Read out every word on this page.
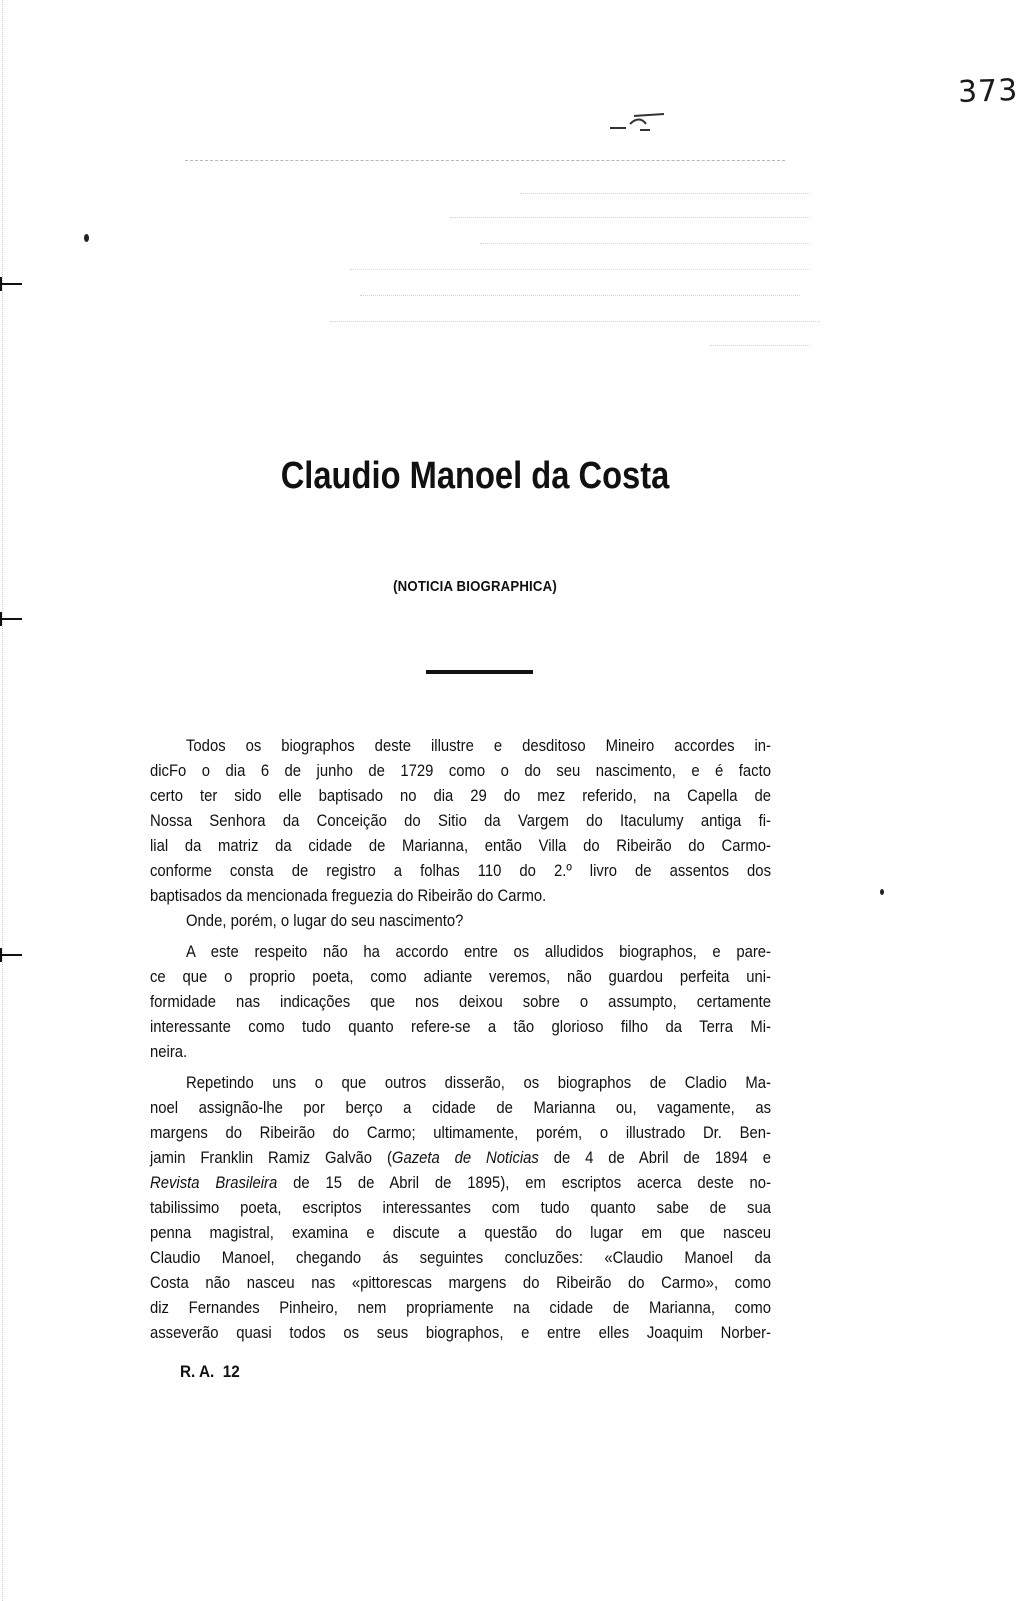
373
Claudio Manoel da Costa
(NOTICIA BIOGRAPHICA)
Todos os biographos deste illustre e desditoso Mineiro accordes in-
dicFo o dia 6 de junho de 1729 como o do seu nascimento, e é facto
certo ter sido elle baptisado no dia 29 do mez referido, na Capella de
Nossa Senhora da Conceição do Sitio da Vargem do Itaculumy antiga fi-
lial da matriz da cidade de Marianna, então Villa do Ribeirão do Carmo-
conforme consta de registro a folhas 110 do 2.º livro de assentos dos
baptisados da mencionada freguezia do Ribeirão do Carmo.
Onde, porém, o lugar do seu nascimento?
A este respeito não ha accordo entre os alludidos biographos, e pare-
ce que o proprio poeta, como adiante veremos, não guardou perfeita uni-
formidade nas indicações que nos deixou sobre o assumpto, certamente
interessante como tudo quanto refere-se a tão glorioso filho da Terra Mi-
neira.
Repetindo uns o que outros disserão, os biographos de Cladio Ma-
noel assignão-lhe por berço a cidade de Marianna ou, vagamente, as
margens do Ribeirão do Carmo; ultimamente, porém, o illustrado Dr. Ben-
jamin Franklin Ramiz Galvão (Gazeta de Noticias de 4 de Abril de 1894 e
Revista Brasileira de 15 de Abril de 1895), em escriptos acerca deste no-
tabilissimo poeta, escriptos interessantes com tudo quanto sabe de sua
penna magistral, examina e discute a questão do lugar em que nasceu
Claudio Manoel, chegando ás seguintes concluzões: «Claudio Manoel da
Costa não nasceu nas «pittorescas margens do Ribeirão do Carmo», como
diz Fernandes Pinheiro, nem propriamente na cidade de Marianna, como
asseverão quasi todos os seus biographos, e entre elles Joaquim Norber-
R. A. 12
